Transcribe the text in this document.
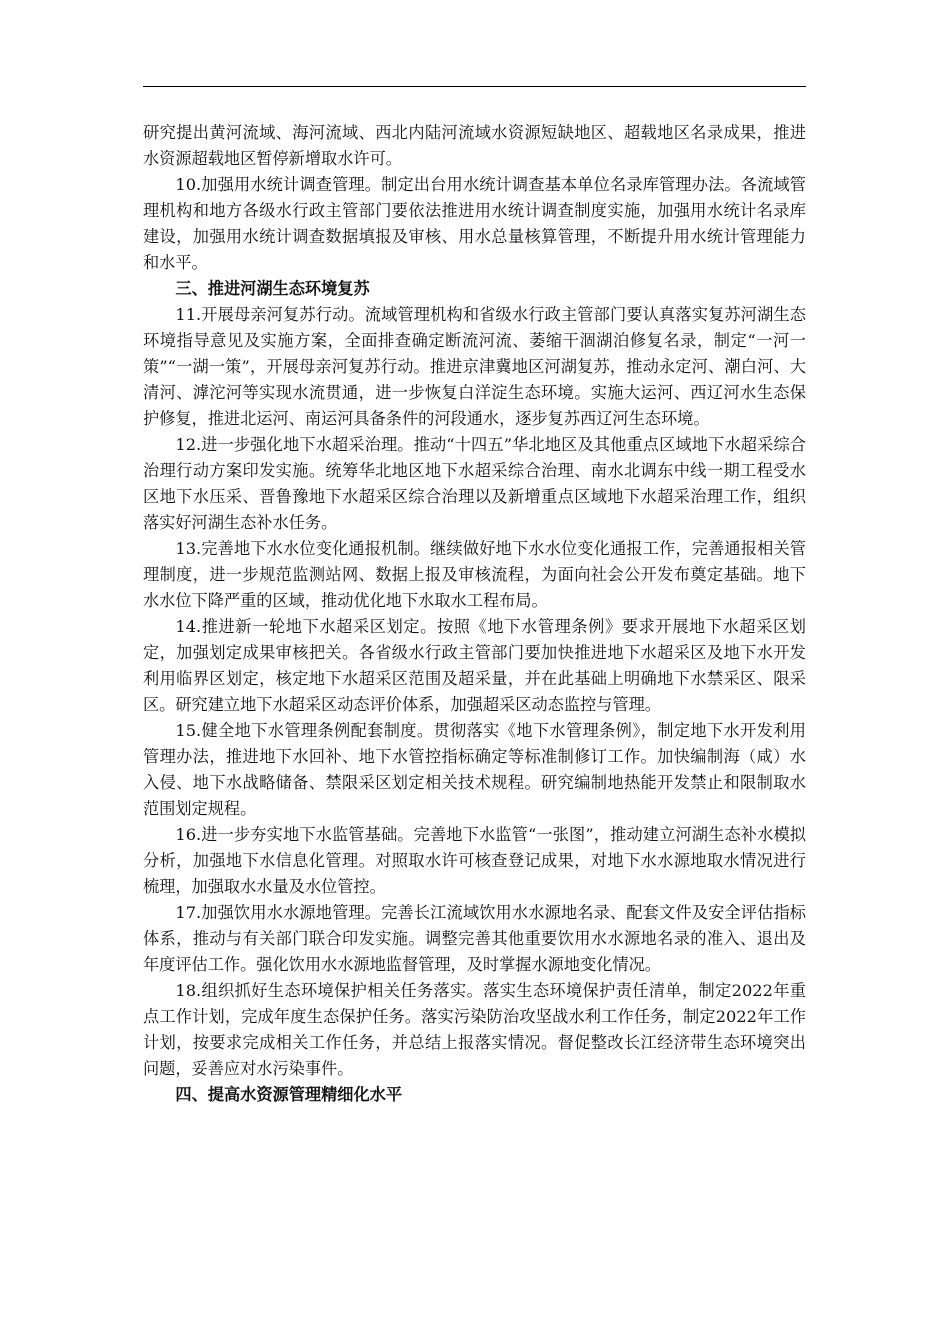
研究提出黄河流域、海河流域、西北内陆河流域水资源短缺地区、超载地区名录成果，推进水资源超载地区暂停新增取水许可。

10.加强用水统计调查管理。制定出台用水统计调查基本单位名录库管理办法。各流域管理机构和地方各级水行政主管部门要依法推进用水统计调查制度实施，加强用水统计名录库建设，加强用水统计调查数据填报及审核、用水总量核算管理，不断提升用水统计管理能力和水平。

三、推进河湖生态环境复苏

11.开展母亲河复苏行动。流域管理机构和省级水行政主管部门要认真落实复苏河湖生态环境指导意见及实施方案，全面排查确定断流河流、萎缩干涸湖泊修复名录，制定“一河一策”“一湖一策”，开展母亲河复苏行动。推进京津冀地区河湖复苏，推动永定河、潮白河、大清河、滹沱河等实现水流贯通，进一步恢复白洋淀生态环境。实施大运河、西辽河水生态保护修复，推进北运河、南运河具备条件的河段通水，逐步复苏西辽河生态环境。

12.进一步强化地下水超采治理。推动“十四五”华北地区及其他重点区域地下水超采综合治理行动方案印发实施。统筹华北地区地下水超采综合治理、南水北调东中线一期工程受水区地下水压采、晋鲁豫地下水超采区综合治理以及新增重点区域地下水超采治理工作，组织落实好河湖生态补水任务。

13.完善地下水水位变化通报机制。继续做好地下水水位变化通报工作，完善通报相关管理制度，进一步规范监测站网、数据上报及审核流程，为面向社会公开发布奠定基础。地下水水位下降严重的区域，推动优化地下水取水工程布局。

14.推进新一轮地下水超采区划定。按照《地下水管理条例》要求开展地下水超采区划定，加强划定成果审核把关。各省级水行政主管部门要加快推进地下水超采区及地下水开发利用临界区划定，核定地下水超采区范围及超采量，并在此基础上明确地下水禁采区、限采区。研究建立地下水超采区动态评价体系，加强超采区动态监控与管理。

15.健全地下水管理条例配套制度。贯彻落实《地下水管理条例》，制定地下水开发利用管理办法，推进地下水回补、地下水管控指标确定等标准制修订工作。加快编制海（咸）水入侵、地下水战略储备、禁限采区划定相关技术规程。研究编制地热能开发禁止和限制取水范围划定规程。

16.进一步夯实地下水监管基础。完善地下水监管“一张图”，推动建立河湖生态补水模拟分析，加强地下水信息化管理。对照取水许可核查登记成果，对地下水水源地取水情况进行梳理，加强取水水量及水位管控。

17.加强饮用水水源地管理。完善长江流域饮用水水源地名录、配套文件及安全评估指标体系，推动与有关部门联合印发实施。调整完善其他重要饮用水水源地名录的准入、退出及年度评估工作。强化饮用水水源地监督管理，及时掌握水源地变化情况。

18.组织抓好生态环境保护相关任务落实。落实生态环境保护责任清单，制定2022年重点工作计划，完成年度生态保护任务。落实污染防治攻坚战水利工作任务，制定2022年工作计划，按要求完成相关工作任务，并总结上报落实情况。督促整改长江经济带生态环境突出问题，妥善应对水污染事件。

四、提高水资源管理精细化水平
